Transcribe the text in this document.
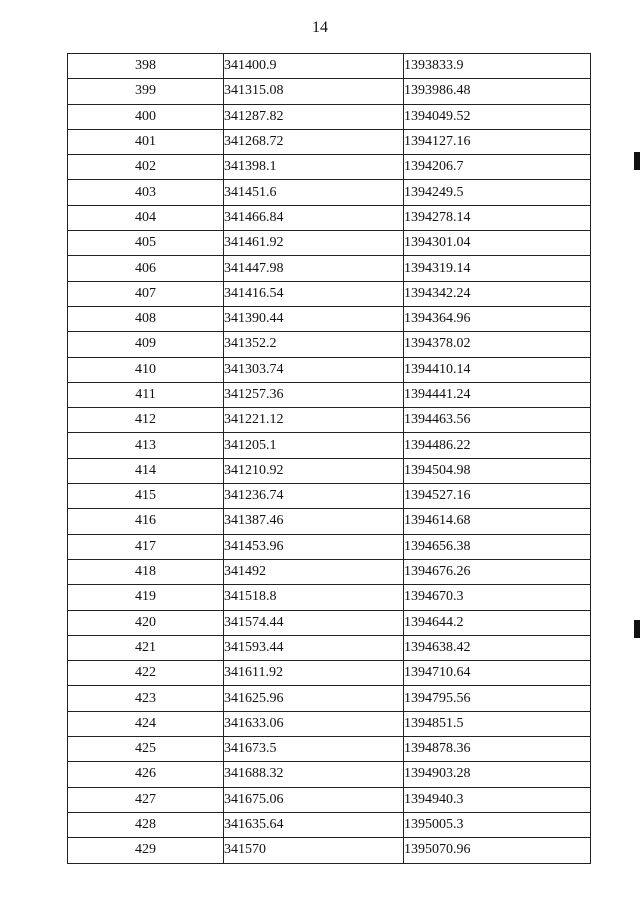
14
398	341400.9	1393833.9
399	341315.08	1393986.48
400	341287.82	1394049.52
401	341268.72	1394127.16
402	341398.1	1394206.7
403	341451.6	1394249.5
404	341466.84	1394278.14
405	341461.92	1394301.04
406	341447.98	1394319.14
407	341416.54	1394342.24
408	341390.44	1394364.96
409	341352.2	1394378.02
410	341303.74	1394410.14
411	341257.36	1394441.24
412	341221.12	1394463.56
413	341205.1	1394486.22
414	341210.92	1394504.98
415	341236.74	1394527.16
416	341387.46	1394614.68
417	341453.96	1394656.38
418	341492	1394676.26
419	341518.8	1394670.3
420	341574.44	1394644.2
421	341593.44	1394638.42
422	341611.92	1394710.64
423	341625.96	1394795.56
424	341633.06	1394851.5
425	341673.5	1394878.36
426	341688.32	1394903.28
427	341675.06	1394940.3
428	341635.64	1395005.3
429	341570	1395070.96
